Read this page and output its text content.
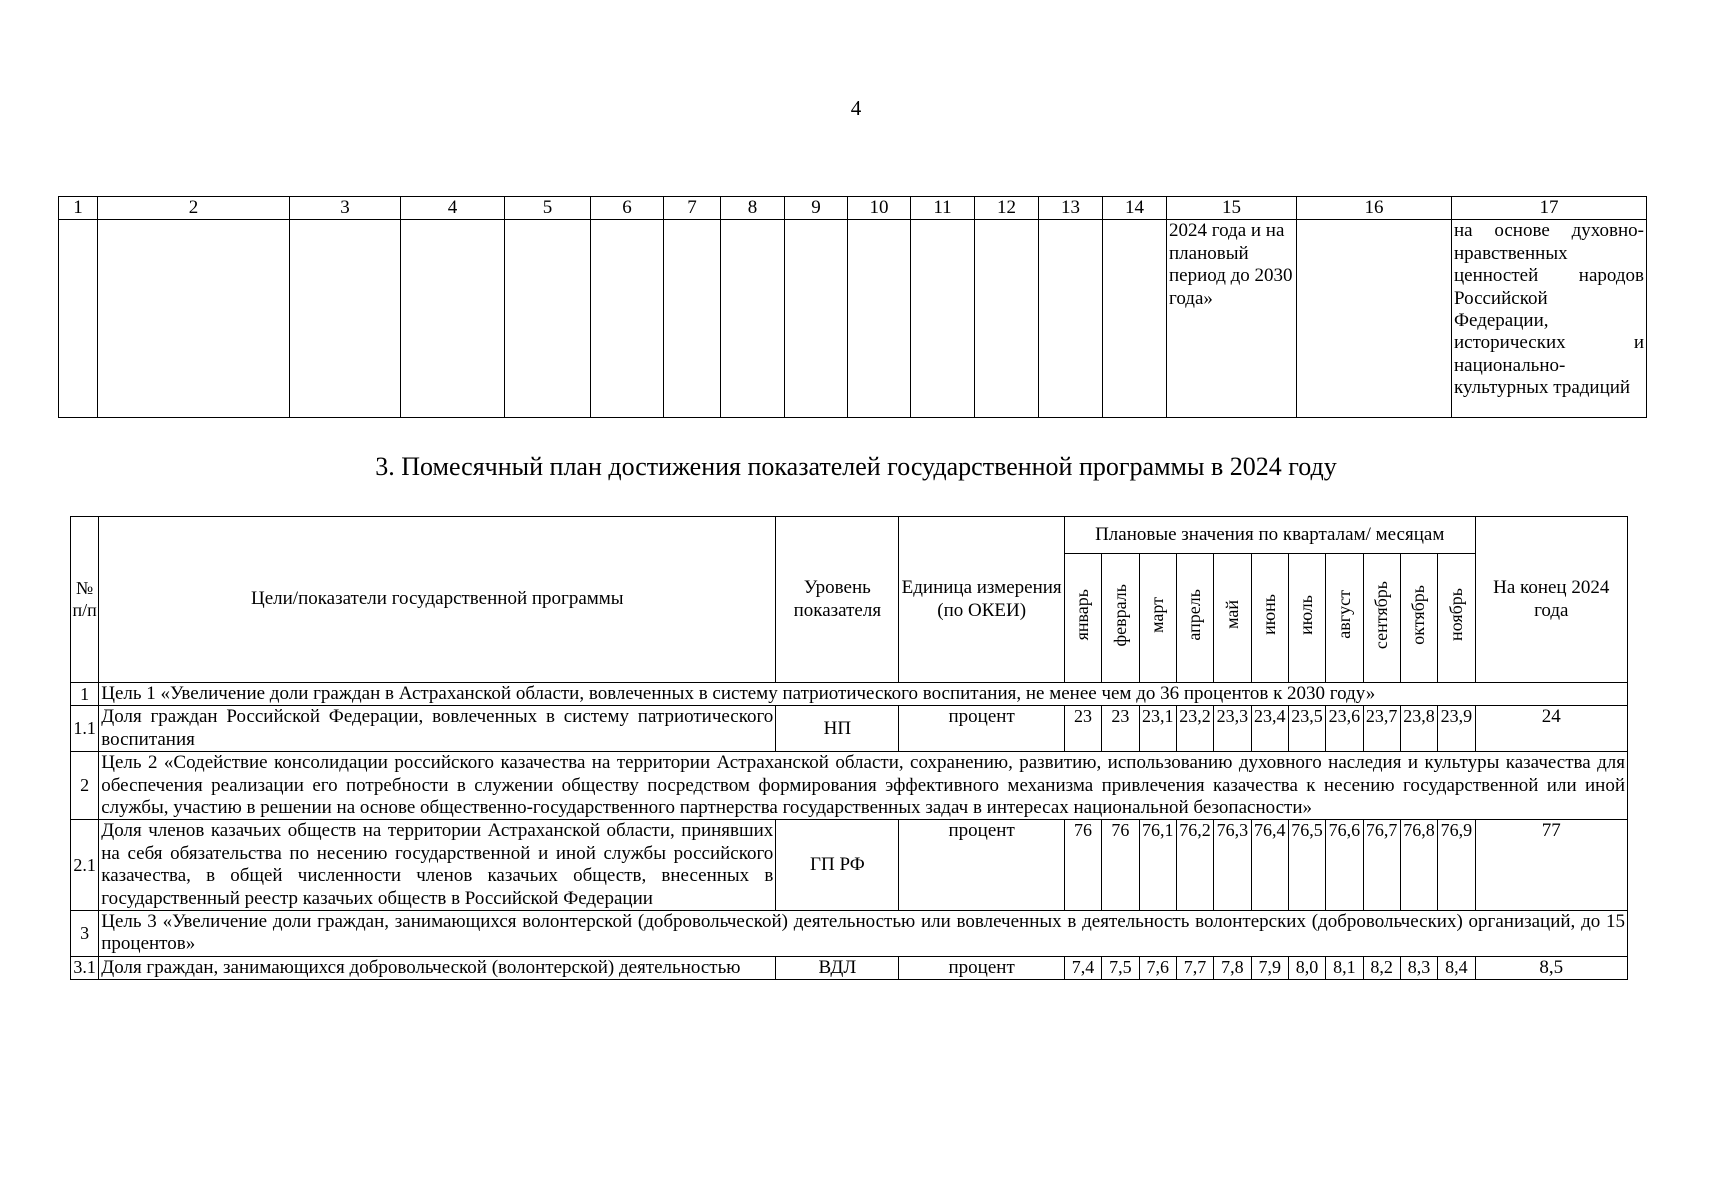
4
1	2	3	4	5	6	7	8	9	10	11	12	13	14	15	16	17
														2024 года и на плановый период до 2030 года»		на основе духовно-нравственных ценностей народов Российской Федерации, исторических и национально-культурных традиций
3. Помесячный план достижения показателей государственной программы в 2024 году
№ п/п	Цели/показатели государственной программы	Уровень показателя	Единица измерения (по ОКЕИ)	Плановые значения по кварталам/ месяцам											На конец 2024 года
				январь	февраль	март	апрель	май	июнь	июль	август	сентябрь	октябрь	ноябрь	
1	Цель 1 «Увеличение доли граждан в Астраханской области, вовлеченных в систему патриотического воспитания, не менее чем до 36 процентов к 2030 году»														
1.1	Доля граждан Российской Федерации, вовлеченных в систему патриотического воспитания	НП	процент	23	23	23,1	23,2	23,3	23,4	23,5	23,6	23,7	23,8	23,9	24
2	Цель 2 «Содействие консолидации российского казачества на территории Астраханской области, сохранению, развитию, использованию духовного наследия и культуры казачества для обеспечения реализации его потребности в служении обществу посредством формирования эффективного механизма привлечения казачества к несению государственной или иной службы, участию в решении на основе общественно-государственного партнерства государственных задач в интересах национальной безопасности»														
2.1	Доля членов казачьих обществ на территории Астраханской области, принявших на себя обязательства по несению государственной и иной службы российского казачества, в общей численности членов казачьих обществ, внесенных в государственный реестр казачьих обществ в Российской Федерации	ГП РФ	процент	76	76	76,1	76,2	76,3	76,4	76,5	76,6	76,7	76,8	76,9	77
3	Цель 3 «Увеличение доли граждан, занимающихся волонтерской (добровольческой) деятельностью или вовлеченных в деятельность волонтерских (добровольческих) организаций, до 15 процентов»														
3.1	Доля граждан, занимающихся добровольческой (волонтерской) деятельностью	ВДЛ	процент	7,4	7,5	7,6	7,7	7,8	7,9	8,0	8,1	8,2	8,3	8,4	8,5
